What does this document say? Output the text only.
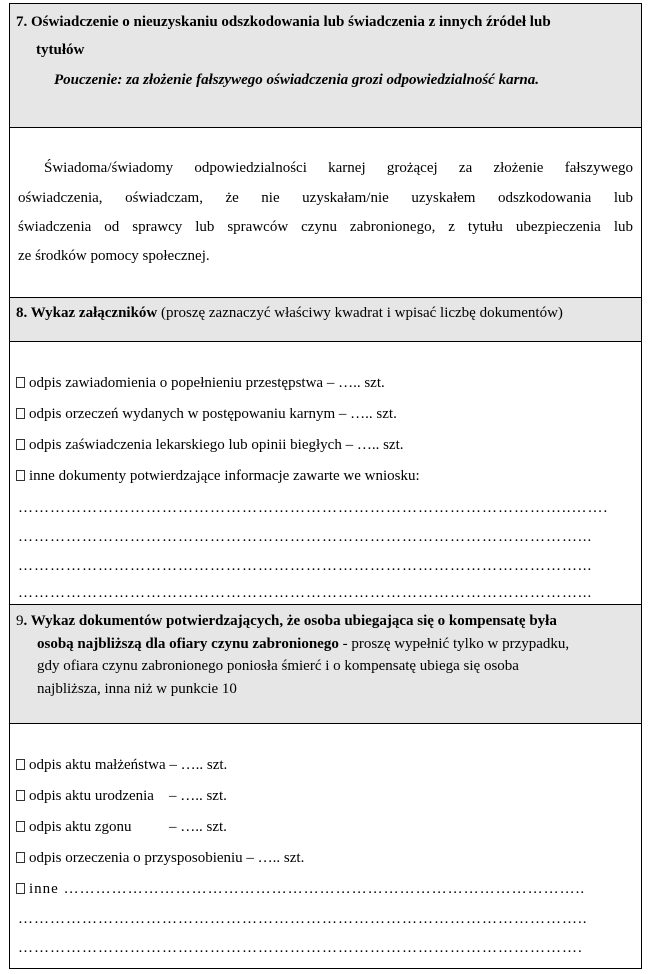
7. Oświadczenie o nieuzyskaniu odszkodowania lub świadczenia z innych źródeł lub
tytułów
Pouczenie: za złożenie fałszywego oświadczenia grozi odpowiedzialność karna.
Świadoma/świadomy odpowiedzialności karnej grożącej za złożenie fałszywego
oświadczenia, oświadczam, że nie uzyskałam/nie uzyskałem odszkodowania lub
świadczenia od sprawcy lub sprawców czynu zabronionego, z tytułu ubezpieczenia lub
ze środków pomocy społecznej.
8. Wykaz załączników (proszę zaznaczyć właściwy kwadrat i wpisać liczbę dokumentów)
odpis zawiadomienia o popełnieniu przestępstwa – ….. szt.
odpis orzeczeń wydanych w postępowaniu karnym – ….. szt.
odpis zaświadczenia lekarskiego lub opinii biegłych – ….. szt.
inne dokumenty potwierdzające informacje zawarte we wniosku:
…………………………………………………………………………………………..…….
……………………………………………………………………………………………...
……………………………………………………………………………………………...
……………………………………………………………………………………………...
9. Wykaz dokumentów potwierdzających, że osoba ubiegająca się o kompensatę była
osobą najbliższą dla ofiary czynu zabronionego - proszę wypełnić tylko w przypadku,
gdy ofiara czynu zabronionego poniosła śmierć i o kompensatę ubiega się osoba
najbliższa, inna niż w punkcie 10
odpis aktu małżeństwa – ….. szt.
odpis aktu urodzenia    – ….. szt.
odpis aktu zgonu          – ….. szt.
odpis orzeczenia o przysposobieniu – ….. szt.
inne ……………………………………………………………………………………..
……………………………………………………………………………………………..
…………………………………………………………………………………………….
